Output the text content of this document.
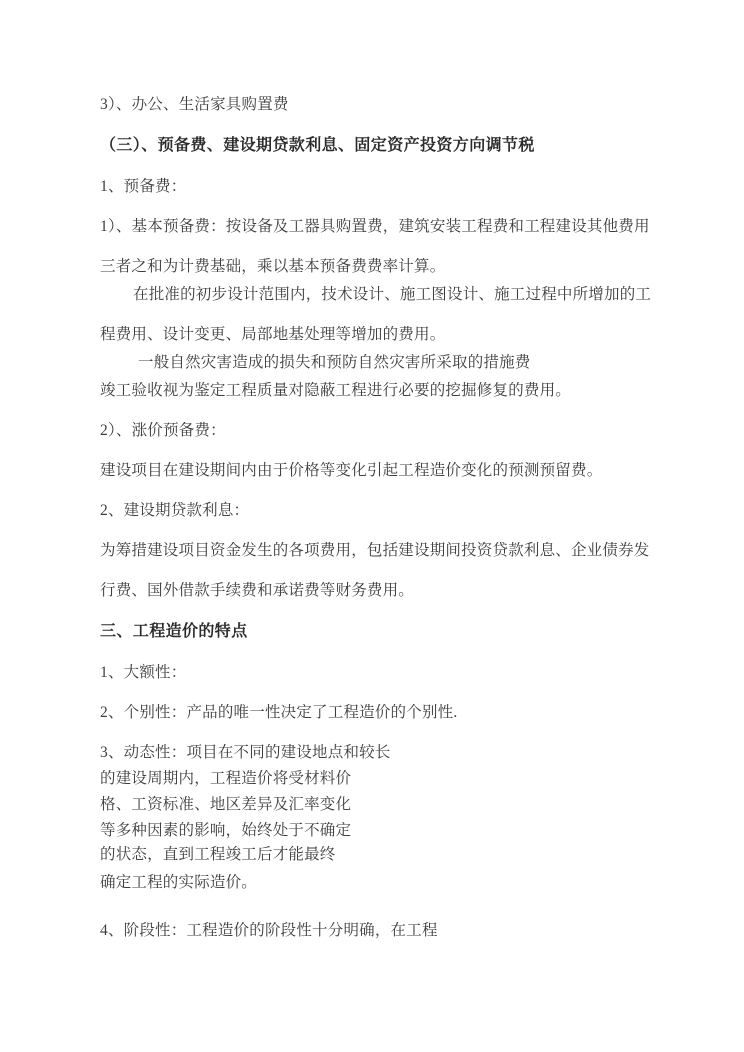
3）、办公、生活家具购置费

（三）、预备费、建设期贷款利息、固定资产投资方向调节税

1、预备费：

1）、基本预备费：按设备及工器具购置费，建筑安装工程费和工程建设其他费用

三者之和为计费基础，乘以基本预备费费率计算。

在批准的初步设计范围内，技术设计、施工图设计、施工过程中所增加的工

程费用、设计变更、局部地基处理等增加的费用。

一般自然灾害造成的损失和预防自然灾害所采取的措施费

竣工验收视为鉴定工程质量对隐蔽工程进行必要的挖掘修复的费用。

2）、涨价预备费：

建设项目在建设期间内由于价格等变化引起工程造价变化的预测预留费。

2、建设期贷款利息：

为筹措建设项目资金发生的各项费用，包括建设期间投资贷款利息、企业债券发

行费、国外借款手续费和承诺费等财务费用。

三、工程造价的特点

1、大额性：

2、个别性：产品的唯一性决定了工程造价的个别性.

3、动态性：项目在不同的建设地点和较长

的建设周期内，工程造价将受材料价

格、工资标准、地区差异及汇率变化

等多种因素的影响，始终处于不确定

的状态，直到工程竣工后才能最终

确定工程的实际造价。

4、阶段性：工程造价的阶段性十分明确，在工程
